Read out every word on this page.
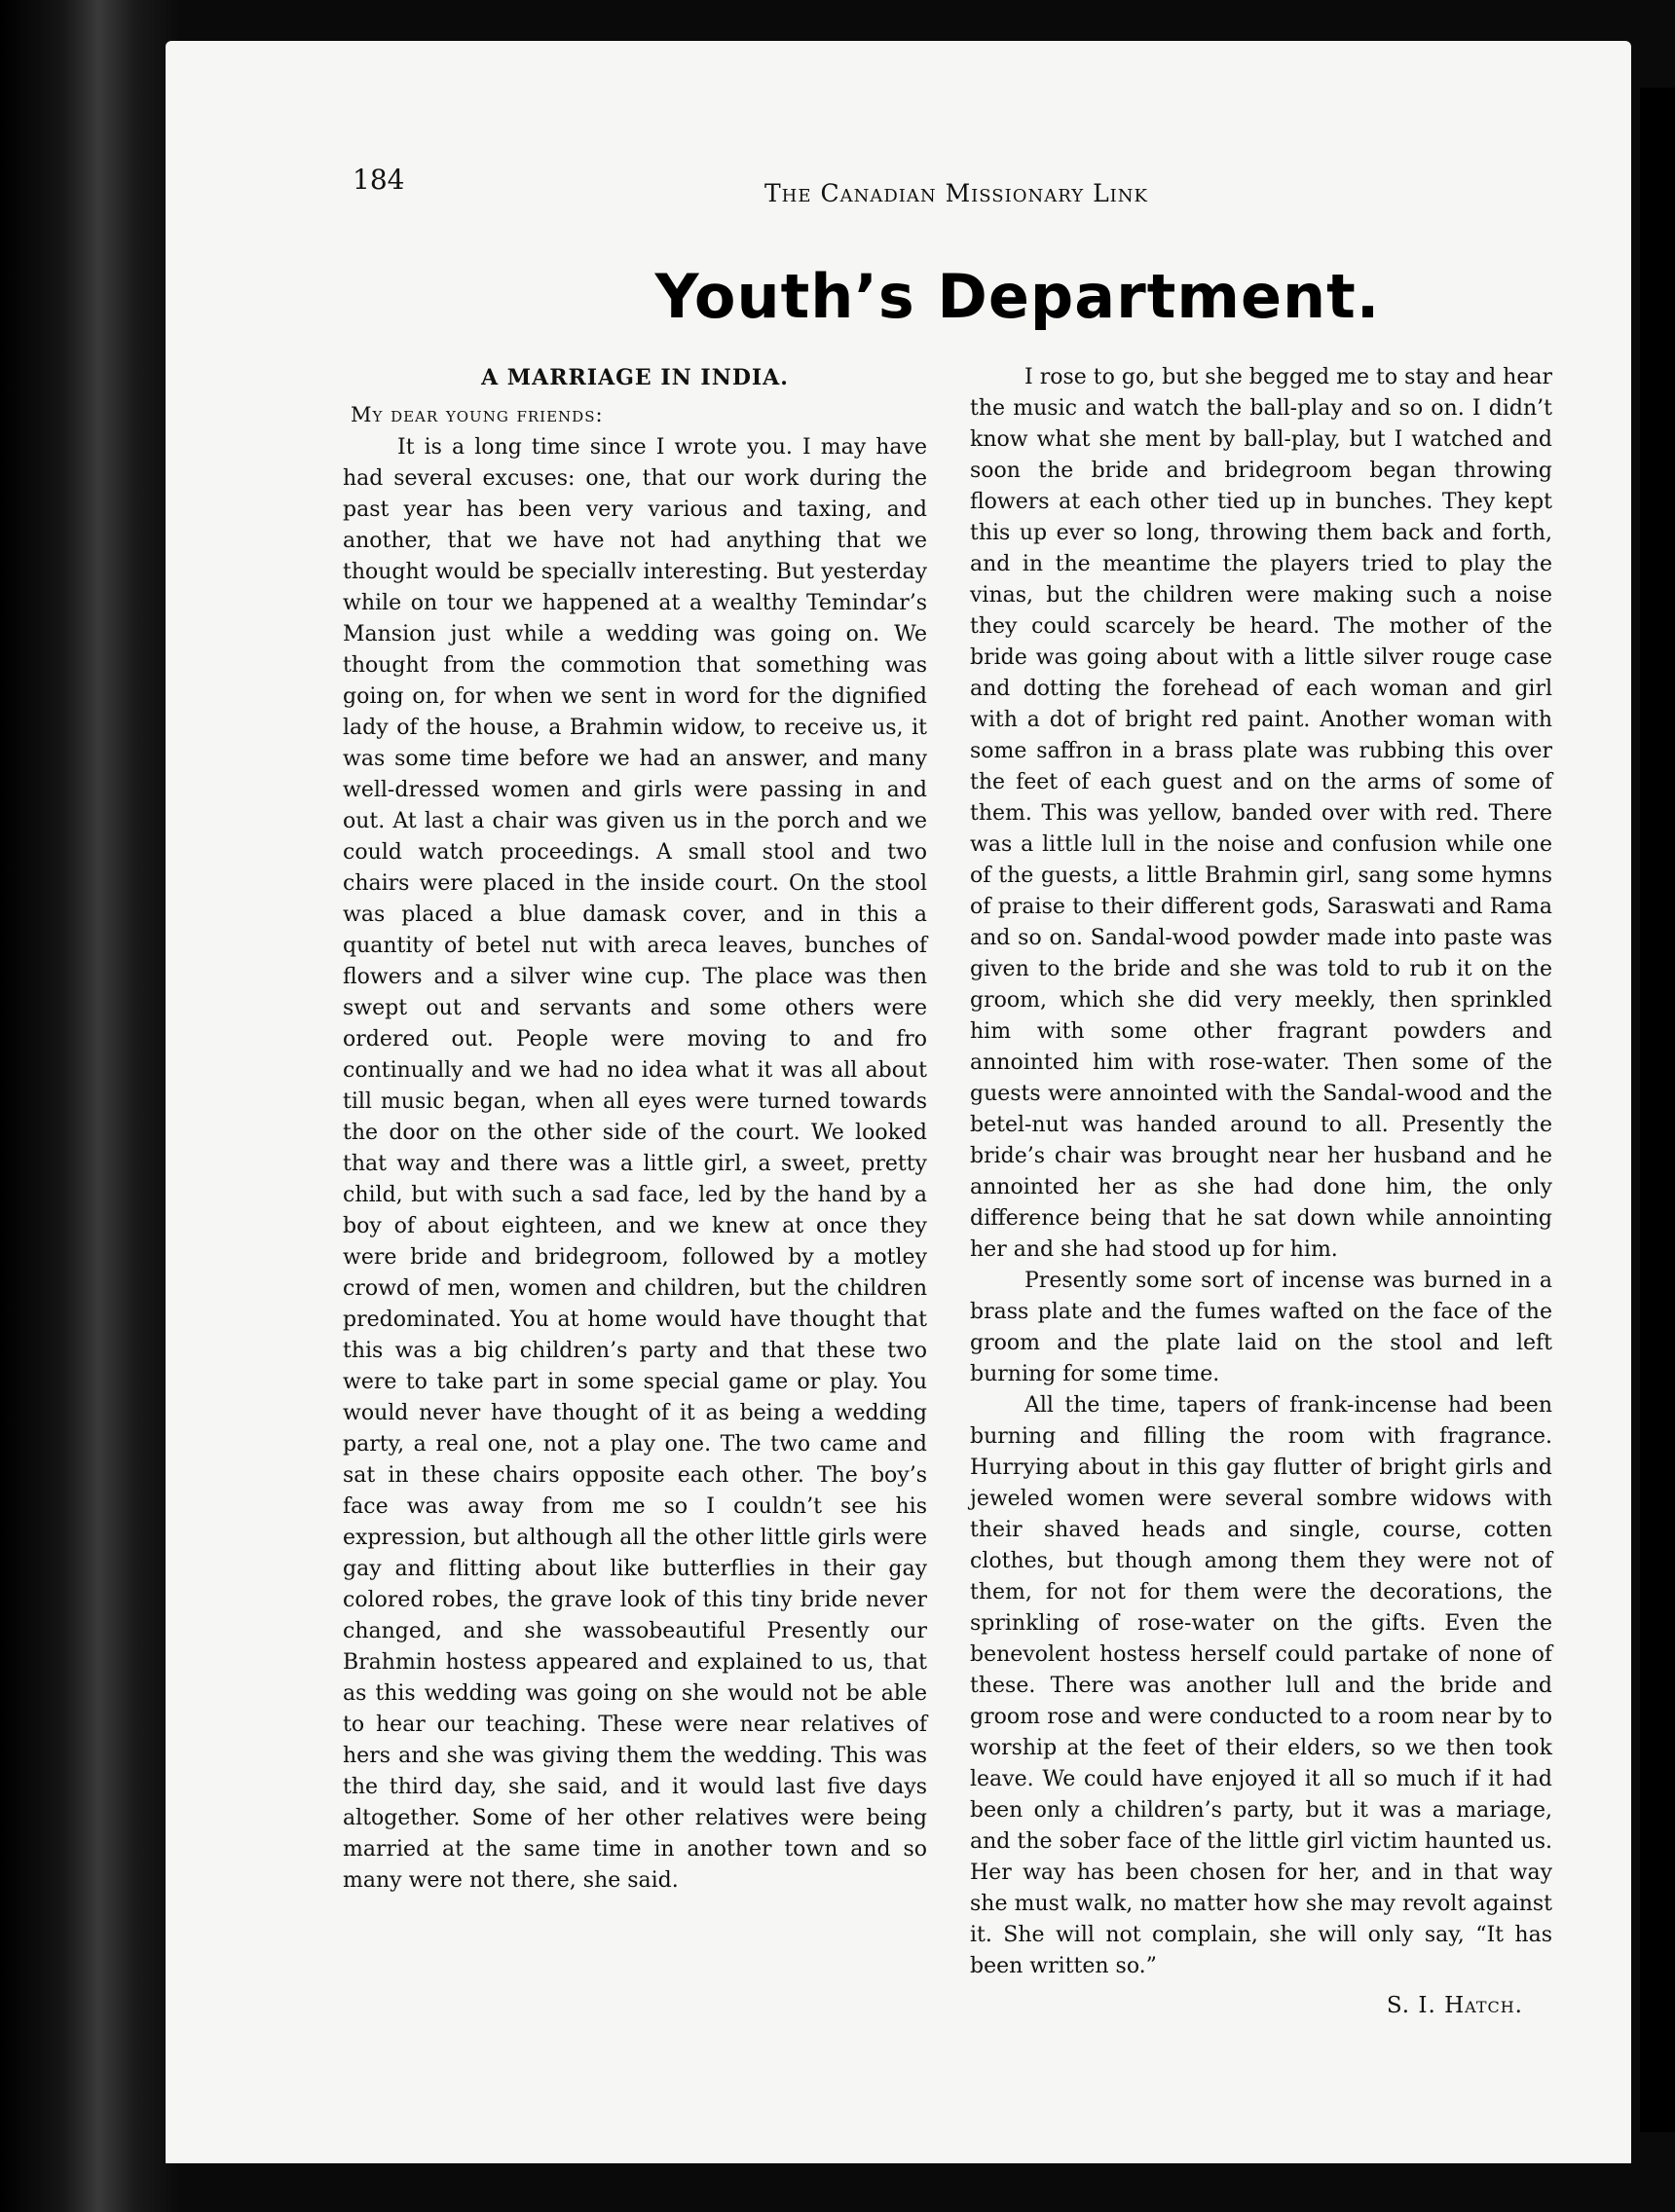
184	The Canadian Missionary Link
Youth’s Department.
A MARRIAGE IN INDIA.
My dear young friends:

It is a long time since I wrote you. I may have had several excuses: one, that our work during the past year has been very various and taxing, and another, that we have not had anything that we thought would be speciallv interesting. But yesterday while on tour we happened at a wealthy Temindar’s Mansion just while a wedding was going on. We thought from the commotion that something was going on, for when we sent in word for the dignified lady of the house, a Brahmin widow, to receive us, it was some time before we had an answer, and many well-dressed women and girls were passing in and out. At last a chair was given us in the porch and we could watch proceedings. A small stool and two chairs were placed in the inside court. On the stool was placed a blue damask cover, and in this a quantity of betel nut with areca leaves, bunches of flowers and a silver wine cup. The place was then swept out and servants and some others were ordered out. People were moving to and fro continually and we had no idea what it was all about till music began, when all eyes were turned towards the door on the other side of the court. We looked that way and there was a little girl, a sweet, pretty child, but with such a sad face, led by the hand by a boy of about eighteen, and we knew at once they were bride and bridegroom, followed by a motley crowd of men, women and children, but the children predominated. You at home would have thought that this was a big children’s party and that these two were to take part in some special game or play. You would never have thought of it as being a wedding party, a real one, not a play one. The two came and sat in these chairs opposite each other. The boy’s face was away from me so I couldn’t see his expression, but although all the other little girls were gay and flitting about like butterflies in their gay colored robes, the grave look of this tiny bride never changed, and she wassobeautiful Presently our Brahmin hostess appeared and explained to us, that as this wedding was going on she would not be able to hear our teaching. These were near relatives of hers and she was giving them the wedding. This was the third day, she said, and it would last five days altogether. Some of her other relatives were being married at the same time in another town and so many were not there, she said.

I rose to go, but she begged me to stay and hear the music and watch the ball-play and so on. I didn’t know what she ment by ball-play, but I watched and soon the bride and bridegroom began throwing flowers at each other tied up in bunches. They kept this up ever so long, throwing them back and forth, and in the meantime the players tried to play the vinas, but the children were making such a noise they could scarcely be heard. The mother of the bride was going about with a little silver rouge case and dotting the forehead of each woman and girl with a dot of bright red paint. Another woman with some saffron in a brass plate was rubbing this over the feet of each guest and on the arms of some of them. This was yellow, banded over with red. There was a little lull in the noise and confusion while one of the guests, a little Brahmin girl, sang some hymns of praise to their different gods, Saraswati and Rama and so on. Sandal-wood powder made into paste was given to the bride and she was told to rub it on the groom, which she did very meekly, then sprinkled him with some other fragrant powders and annointed him with rose-water. Then some of the guests were annointed with the Sandal-wood and the betel-nut was handed around to all. Presently the bride’s chair was brought near her husband and he annointed her as she had done him, the only difference being that he sat down while annointing her and she had stood up for him.

Presently some sort of incense was burned in a brass plate and the fumes wafted on the face of the groom and the plate laid on the stool and left burning for some time.

All the time, tapers of frank-incense had been burning and filling the room with fragrance. Hurrying about in this gay flutter of bright girls and jeweled women were several sombre widows with their shaved heads and single, course, cotten clothes, but though among them they were not of them, for not for them were the decorations, the sprinkling of rose-water on the gifts. Even the benevolent hostess herself could partake of none of these. There was another lull and the bride and groom rose and were conducted to a room near by to worship at the feet of their elders, so we then took leave. We could have enjoyed it all so much if it had been only a children’s party, but it was a mariage, and the sober face of the little girl victim haunted us. Her way has been chosen for her, and in that way she must walk, no matter how she may revolt against it. She will not complain, she will only say, “It has been written so.”

S. I. Hatch.
